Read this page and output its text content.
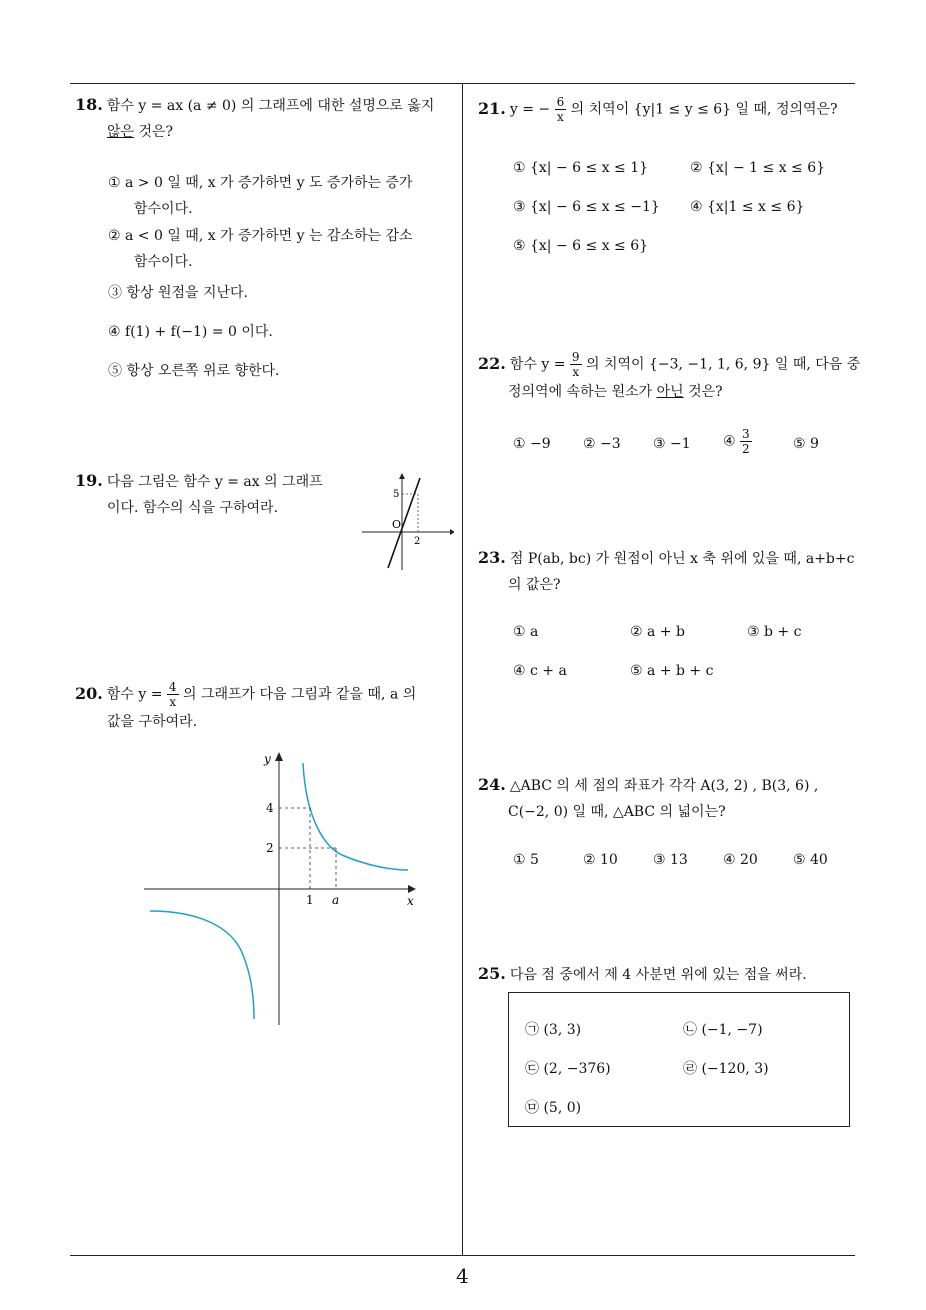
18. 함수 y = ax (a ≠ 0) 의 그래프에 대한 설명으로 옳지
않은 것은?
① a > 0 일 때, x 가 증가하면 y 도 증가하는 증가
함수이다.
② a < 0 일 때, x 가 증가하면 y 는 감소하는 감소
함수이다.
③ 항상 원점을 지난다.
④ f(1) + f(−1) = 0 이다.
⑤ 항상 오른쪽 위로 향한다.
19. 다음 그림은 함수 y = ax 의 그래프
이다. 함수의 식을 구하여라.
5
O
2
20. 함수 $y = \frac{4}{x}$ 의 그래프가 다음 그림과 같을 때, a 의
값을 구하여라.
y
x
4
2
1 a
21. y = − $\frac{6}{x}$ 의 치역이 {y|1 ≤ y ≤ 6} 일 때, 정의역은?
① {x| − 6 ≤ x ≤ 1}	② {x| − 1 ≤ x ≤ 6}
③ {x| − 6 ≤ x ≤ −1} ④ {x|1 ≤ x ≤ 6}
⑤ {x| − 6 ≤ x ≤ 6}
22. 함수 $y = \frac{9}{x}$ 의 치역이 {−3, −1, 1, 6, 9} 일 때, 다음 중
정의역에 속하는 원소가 아닌 것은?
① −9 ② −3 ③ −1 ④ $\frac{3}{2}$	⑤ 9
23. 점 P(ab, bc) 가 원점이 아닌 x 축 위에 있을 때, a+b+c
의 값은?
① a	② a + b	③ b + c
④ c + a	⑤ a + b + c
24. △ABC 의 세 점의 좌표가 각각 A(3, 2) , B(3, 6) ,
C(−2, 0) 일 때, △ABC 의 넓이는?
① 5	② 10	③ 13	④ 20	⑤ 40
25. 다음 점 중에서 제 4 사분면 위에 있는 점을 써라.
㉠ (3, 3)	㉡ (−1, −7)
㉢ (2, −376)	㉣ (−120, 3)
㉤ (5, 0)
4
